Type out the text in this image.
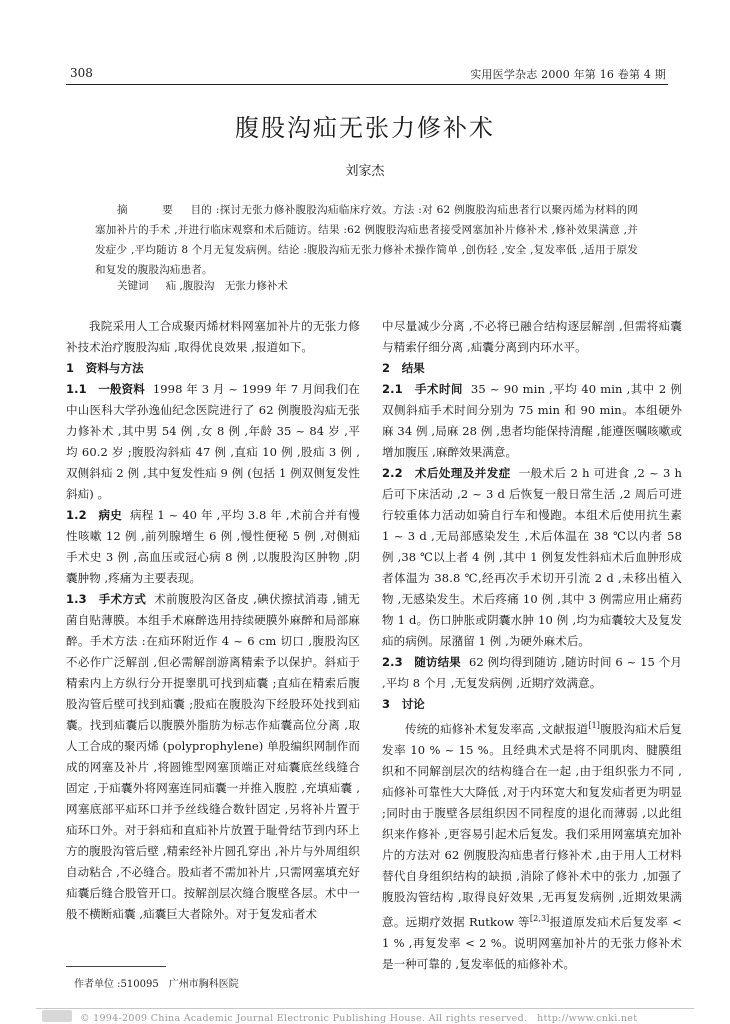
308	实用医学杂志 2000 年第 16 卷第 4 期
腹股沟疝无张力修补术
刘家杰
摘　要 目的 :探讨无张力修补腹股沟疝临床疗效。方法 :对 62 例腹股沟疝患者行以聚丙烯为材料的网塞加补片的手术 ,并进行临床观察和术后随访。结果 :62 例腹股沟疝患者接受网塞加补片修补术 ,修补效果满意 ,并发症少 ,平均随访 8 个月无复发病例。结论 :腹股沟疝无张力修补术操作简单 ,创伤轻 ,安全 ,复发率低 ,适用于原发和复发的腹股沟疝患者。
关键词 　 疝 ,腹股沟　无张力修补术

我院采用人工合成聚丙烯材料网塞加补片的无张力修补技术治疗腹股沟疝 ,取得优良效果 ,报道如下。

1　资料与方法

1.1　一般资料 1998 年 3 月 ~ 1999 年 7 月间我们在中山医科大学孙逸仙纪念医院进行了 62 例腹股沟疝无张力修补术 ,其中男 54 例 ,女 8 例 ,年龄 35 ~ 84 岁 ,平均 60.2 岁 ;腹股沟斜疝 47 例 ,直疝 10 例 ,股疝 3 例 ,双侧斜疝 2 例 ,其中复发性疝 9 例 (包括 1 例双侧复发性斜疝) 。

1.2　病史 病程 1 ~ 40 年 ,平均 3.8 年 ,术前合并有慢性咳嗽 12 例 ,前列腺增生 6 例 ,慢性便秘 5 例 ,对侧疝手术史 3 例 ,高血压或冠心病 8 例 ,以腹股沟区肿物 ,阴囊肿物 ,疼痛为主要表现。

1.3　手术方式 术前腹股沟区备皮 ,碘伏擦拭消毒 ,铺无菌自贴薄膜。本组手术麻醉选用持续硬膜外麻醉和局部麻醉。手术方法 :在疝环附近作 4 ~ 6 cm 切口 ,腹股沟区不必作广泛解剖 ,但必需解剖游离精索予以保护。斜疝于精索内上方纵行分开提睾肌可找到疝囊 ;直疝在精索后腹股沟管后壁可找到疝囊 ;股疝在腹股沟下经股环处找到疝囊。找到疝囊后以腹膜外脂肪为标志作疝囊高位分离 ,取人工合成的聚丙烯 (polyprophylene) 单股编织网制作而成的网塞及补片 ,将圆锥型网塞顶端正对疝囊底丝线缝合固定 ,于疝囊外将网塞连同疝囊一并推入腹腔 ,充填疝囊 ,网塞底部平疝环口并予丝线缝合数针固定 ,另将补片置于疝环口外。对于斜疝和直疝补片放置于耻骨结节到内环上方的腹股沟管后壁 ,精索经补片圆孔穿出 ,补片与外周组织自动粘合 ,不必缝合。股疝者不需加补片 ,只需网塞填充好疝囊后缝合股管开口。按解剖层次缝合腹壁各层。术中一般不横断疝囊 ,疝囊巨大者除外。对于复发疝者术

中尽量减少分离 ,不必将已融合结构逐层解剖 ,但需将疝囊与精索仔细分离 ,疝囊分离到内环水平。

2　结果

2.1　手术时间 35 ~ 90 min ,平均 40 min ,其中 2 例双侧斜疝手术时间分别为 75 min 和 90 min。本组硬外麻 34 例 ,局麻 28 例 ,患者均能保持清醒 ,能遵医嘱咳嗽或增加腹压 ,麻醉效果满意。

2.2　术后处理及并发症 一般术后 2 h 可进食 ,2 ~ 3 h 后可下床活动 ,2 ~ 3 d 后恢复一般日常生活 ,2 周后可进行较重体力活动如骑自行车和慢跑。本组术后使用抗生素 1 ~ 3 d ,无局部感染发生 ,术后体温在 38 ℃以内者 58 例 ,38 ℃以上者 4 例 ,其中 1 例复发性斜疝术后血肿形成者体温为 38.8 ℃,经再次手术切开引流 2 d ,未移出植入物 ,无感染发生。术后疼痛 10 例 ,其中 3 例需应用止痛药物 1 d。伤口肿胀或阴囊水肿 10 例 ,均为疝囊较大及复发疝的病例。尿潴留 1 例 ,为硬外麻术后。

2.3　随访结果 62 例均得到随访 ,随访时间 6 ~ 15 个月 ,平均 8 个月 ,无复发病例 ,近期疗效满意。

3　讨论

传统的疝修补术复发率高 ,文献报道[1]腹股沟疝术后复发率 10 % ~ 15 %。且经典术式是将不同肌肉、腱膜组织和不同解剖层次的结构缝合在一起 ,由于组织张力不同 ,疝修补可靠性大大降低 ,对于内环宽大和复发疝者更为明显 ;同时由于腹壁各层组织因不同程度的退化而薄弱 ,以此组织来作修补 ,更容易引起术后复发。我们采用网塞填充加补片的方法对 62 例腹股沟疝患者行修补术 ,由于用人工材料替代自身组织结构的缺损 ,消除了修补术中的张力 ,加强了腹股沟管结构 ,取得良好效果 ,无再复发病例 ,近期效果满意。远期疗效据 Rutkow 等[2,3]报道原发疝术后复发率 < 1 % ,再复发率 < 2 %。说明网塞加补片的无张力修补术是一种可靠的 ,复发率低的疝修补术。

作者单位 :510095　广州市胸科医院
© 1994-2009 China Academic Journal Electronic Publishing House. All rights reserved.　http://www.cnki.net
